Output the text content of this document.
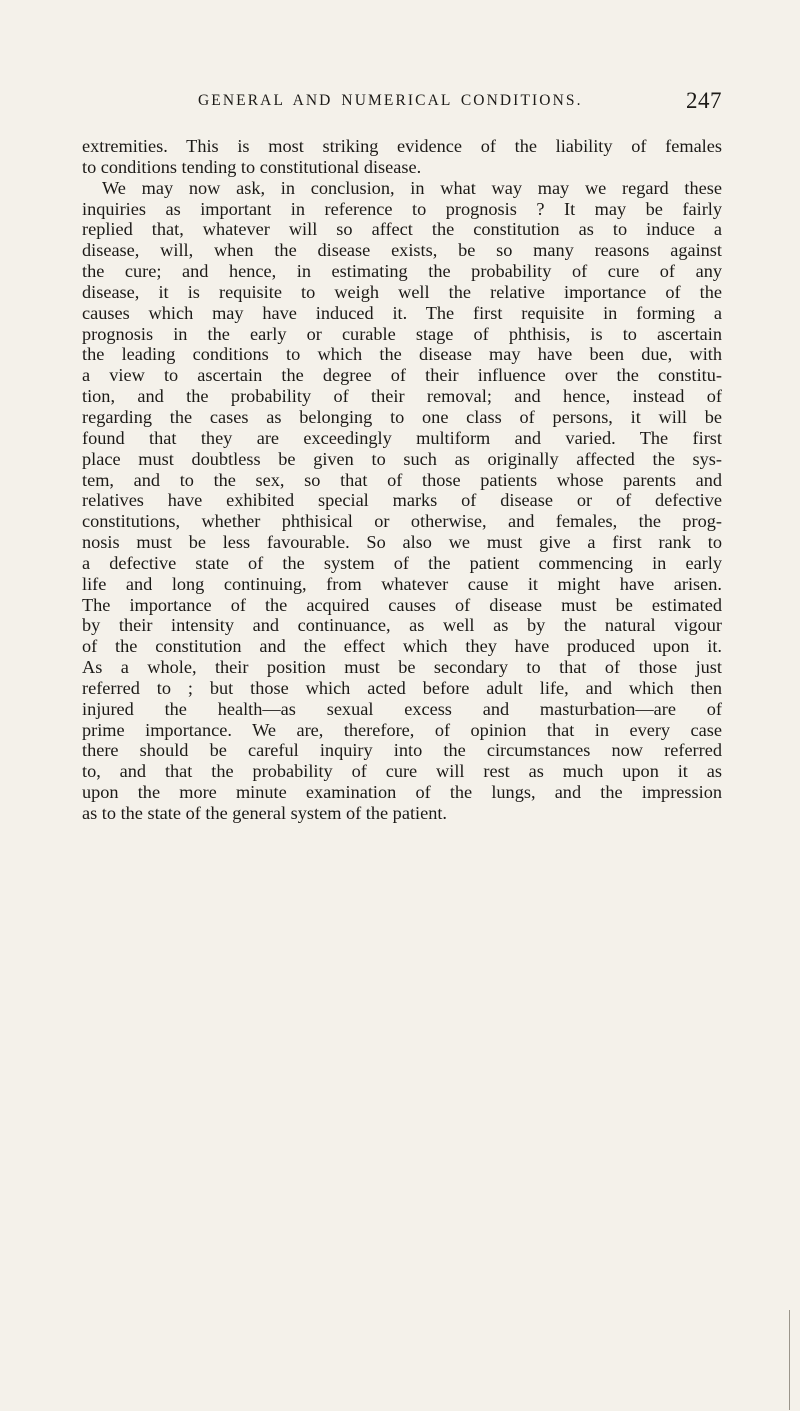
GENERAL AND NUMERICAL CONDITIONS.	247
extremities. This is most striking evidence of the liability of females
to conditions tending to constitutional disease.
We may now ask, in conclusion, in what way may we regard these
inquiries as important in reference to prognosis ? It may be fairly
replied that, whatever will so affect the constitution as to induce a
disease, will, when the disease exists, be so many reasons against
the cure; and hence, in estimating the probability of cure of any
disease, it is requisite to weigh well the relative importance of the
causes which may have induced it. The first requisite in forming a
prognosis in the early or curable stage of phthisis, is to ascertain
the leading conditions to which the disease may have been due, with
a view to ascertain the degree of their influence over the constitu-
tion, and the probability of their removal; and hence, instead of
regarding the cases as belonging to one class of persons, it will be
found that they are exceedingly multiform and varied. The first
place must doubtless be given to such as originally affected the sys-
tem, and to the sex, so that of those patients whose parents and
relatives have exhibited special marks of disease or of defective
constitutions, whether phthisical or otherwise, and females, the prog-
nosis must be less favourable. So also we must give a first rank to
a defective state of the system of the patient commencing in early
life and long continuing, from whatever cause it might have arisen.
The importance of the acquired causes of disease must be estimated
by their intensity and continuance, as well as by the natural vigour
of the constitution and the effect which they have produced upon it.
As a whole, their position must be secondary to that of those just
referred to ; but those which acted before adult life, and which then
injured the health—as sexual excess and masturbation—are of
prime importance. We are, therefore, of opinion that in every case
there should be careful inquiry into the circumstances now referred
to, and that the probability of cure will rest as much upon it as
upon the more minute examination of the lungs, and the impression
as to the state of the general system of the patient.
